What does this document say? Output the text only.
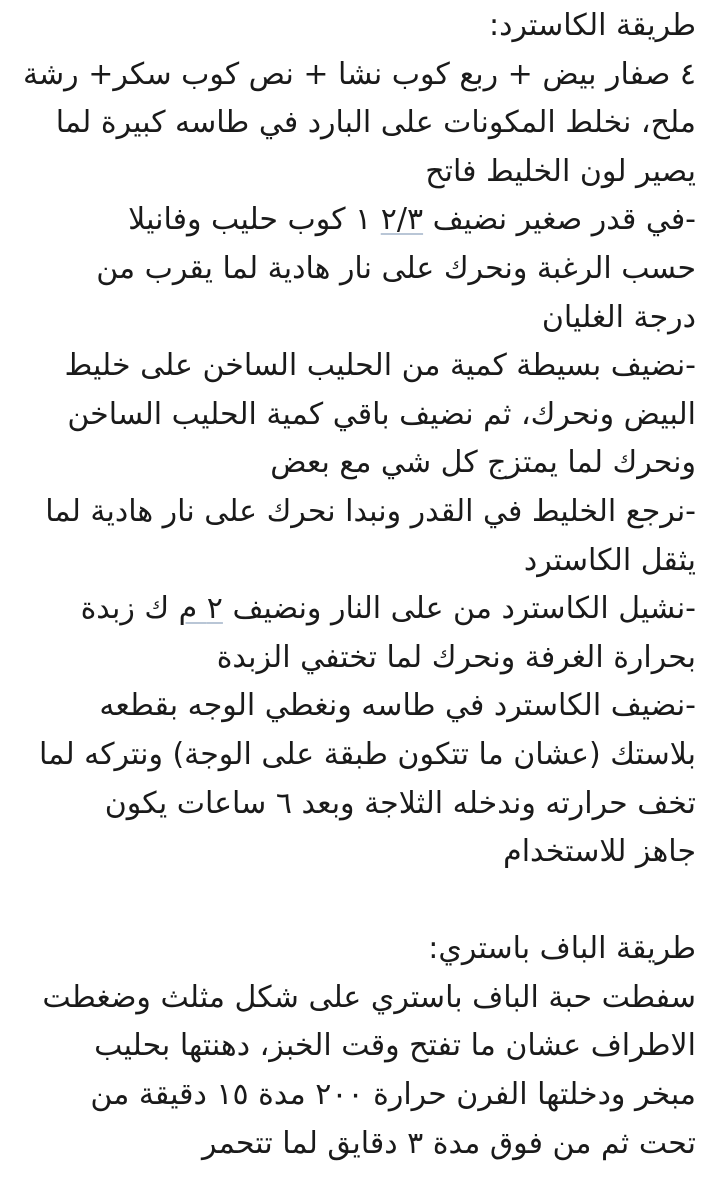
طريقة الكاسترد:
٤ صفار بيض + ربع كوب نشا + نص كوب سكر+ رشة
ملح، نخلط المكونات على البارد في طاسه كبيرة لما
يصير لون الخليط فاتح
-في قدر صغير نضيف ٢/٣ ١ كوب حليب وفانيلا
حسب الرغبة ونحرك على نار هادية لما يقرب من
درجة الغليان
-نضيف بسيطة كمية من الحليب الساخن على خليط
البيض ونحرك، ثم نضيف باقي كمية الحليب الساخن
ونحرك لما يمتزج كل شي مع بعض
-نرجع الخليط في القدر ونبدا نحرك على نار هادية لما
يثقل الكاسترد
-نشيل الكاسترد من على النار ونضيف ٢ م ك زبدة
بحرارة الغرفة ونحرك لما تختفي الزبدة
-نضيف الكاسترد في طاسه ونغطي الوجه بقطعه
بلاستك (عشان ما تتكون طبقة على الوجة) ونتركه لما
تخف حرارته وندخله الثلاجة وبعد ٦ ساعات يكون
جاهز للاستخدام
طريقة الباف باستري:
سفطت حبة الباف باستري على شكل مثلث وضغطت
الاطراف عشان ما تفتح وقت الخبز، دهنتها بحليب
مبخر ودخلتها الفرن حرارة ٢٠٠ مدة ١٥ دقيقة من
تحت ثم من فوق مدة ٣ دقايق لما تتحمر
